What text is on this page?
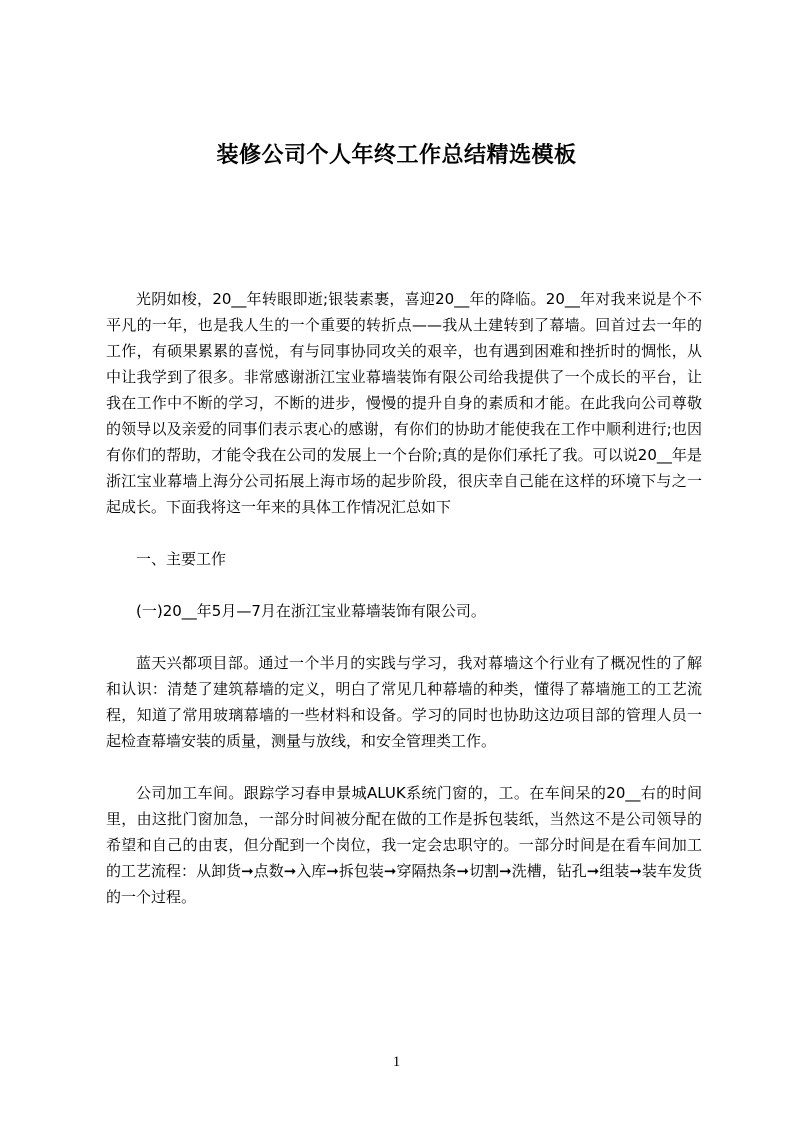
装修公司个人年终工作总结精选模板

光阴如梭，20__年转眼即逝;银装素裹，喜迎20__年的降临。20__年对我来说是个不平凡的一年，也是我人生的一个重要的转折点——我从土建转到了幕墙。回首过去一年的工作，有硕果累累的喜悦，有与同事协同攻关的艰辛，也有遇到困难和挫折时的惆怅，从中让我学到了很多。非常感谢浙江宝业幕墙装饰有限公司给我提供了一个成长的平台，让我在工作中不断的学习，不断的进步，慢慢的提升自身的素质和才能。在此我向公司尊敬的领导以及亲爱的同事们表示衷心的感谢，有你们的协助才能使我在工作中顺利进行;也因有你们的帮助，才能令我在公司的发展上一个台阶;真的是你们承托了我。可以说20__年是浙江宝业幕墙上海分公司拓展上海市场的起步阶段，很庆幸自己能在这样的环境下与之一起成长。下面我将这一年来的具体工作情况汇总如下

一、主要工作

(一)20__年5月—7月在浙江宝业幕墙装饰有限公司。

蓝天兴都项目部。通过一个半月的实践与学习，我对幕墙这个行业有了概况性的了解和认识：清楚了建筑幕墙的定义，明白了常见几种幕墙的种类，懂得了幕墙施工的工艺流程，知道了常用玻璃幕墙的一些材料和设备。学习的同时也协助这边项目部的管理人员一起检查幕墙安装的质量，测量与放线，和安全管理类工作。

公司加工车间。跟踪学习春申景城ALUK系统门窗的，工。在车间呆的20__右的时间里，由这批门窗加急，一部分时间被分配在做的工作是拆包装纸，当然这不是公司领导的希望和自己的由衷，但分配到一个岗位，我一定会忠职守的。一部分时间是在看车间加工的工艺流程：从卸货➞点数➞入库➞拆包装➞穿隔热条➞切割➞洗槽，钻孔➞组装➞装车发货的一个过程。

1
